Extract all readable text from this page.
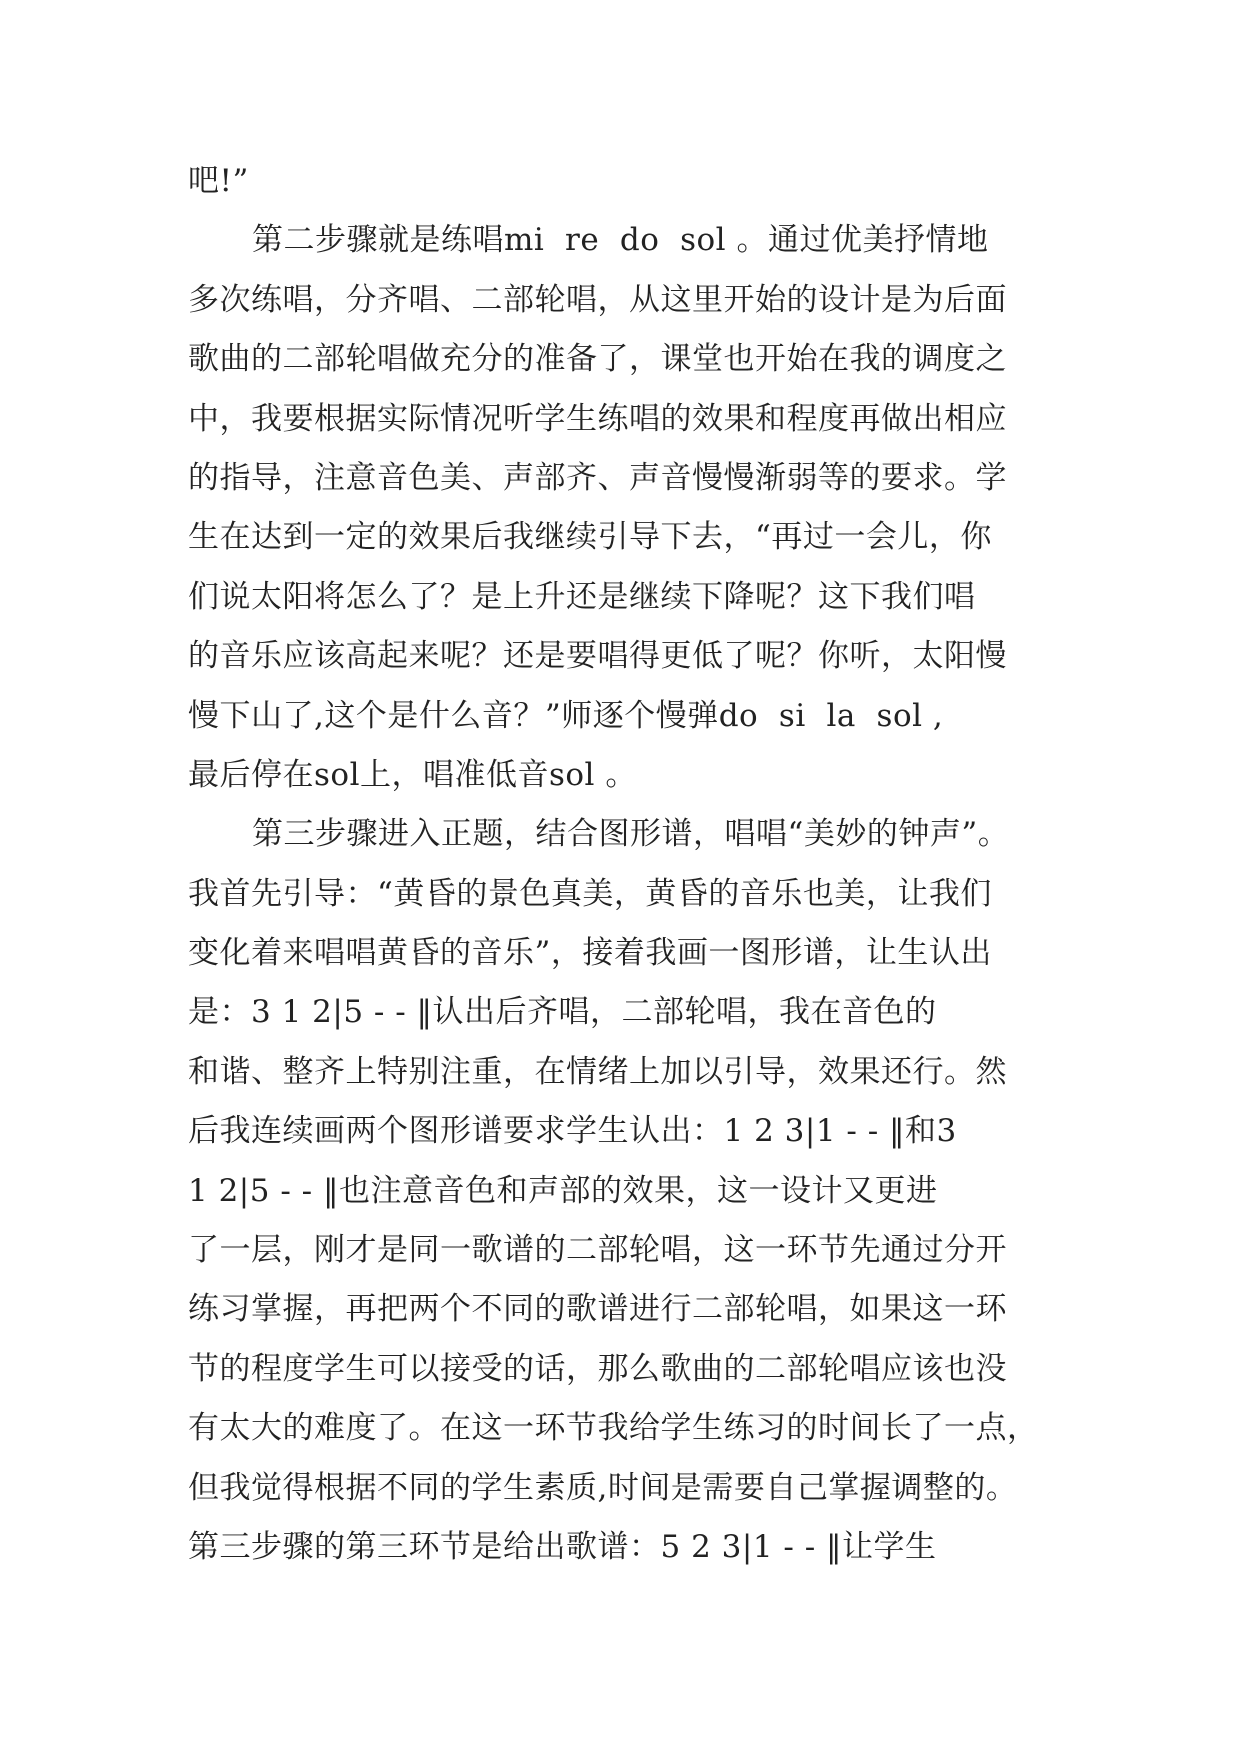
吧!”
第二步骤就是练唱mi  re  do  sol 。通过优美抒情地
多次练唱，分齐唱、二部轮唱，从这里开始的设计是为后面
歌曲的二部轮唱做充分的准备了，课堂也开始在我的调度之
中，我要根据实际情况听学生练唱的效果和程度再做出相应
的指导，注意音色美、声部齐、声音慢慢渐弱等的要求。学
生在达到一定的效果后我继续引导下去，“再过一会儿，你
们说太阳将怎么了？是上升还是继续下降呢？这下我们唱
的音乐应该高起来呢？还是要唱得更低了呢？你听，太阳慢
慢下山了,这个是什么音？”师逐个慢弹do  si  la  sol ,
最后停在sol上，唱准低音sol 。
第三步骤进入正题，结合图形谱，唱唱“美妙的钟声”。
我首先引导：“黄昏的景色真美，黄昏的音乐也美，让我们
变化着来唱唱黄昏的音乐”，接着我画一图形谱，让生认出
是：3 1 2|5 - - ‖认出后齐唱，二部轮唱，我在音色的
和谐、整齐上特别注重，在情绪上加以引导，效果还行。然
后我连续画两个图形谱要求学生认出：1 2 3|1 - - ‖和3
1 2|5 - - ‖也注意音色和声部的效果，这一设计又更进
了一层，刚才是同一歌谱的二部轮唱，这一环节先通过分开
练习掌握，再把两个不同的歌谱进行二部轮唱，如果这一环
节的程度学生可以接受的话，那么歌曲的二部轮唱应该也没
有太大的难度了。在这一环节我给学生练习的时间长了一点，
但我觉得根据不同的学生素质,时间是需要自己掌握调整的。
第三步骤的第三环节是给出歌谱：5 2 3|1 - - ‖让学生
